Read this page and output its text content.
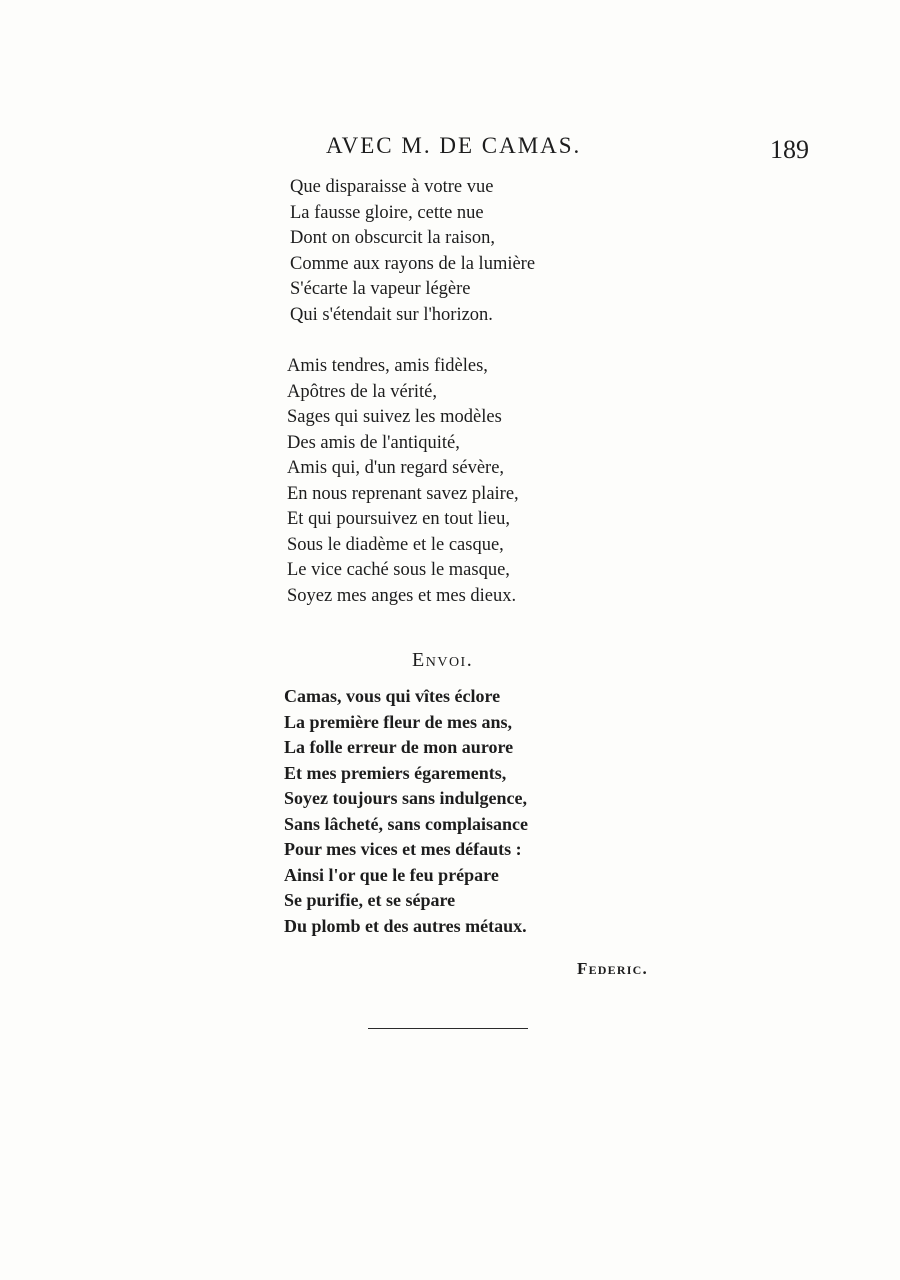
AVEC M. DE CAMAS.	189
Que disparaisse à votre vue
La fausse gloire, cette nue
Dont on obscurcit la raison,
Comme aux rayons de la lumière
S'écarte la vapeur légère
Qui s'étendait sur l'horizon.
Amis tendres, amis fidèles,
Apôtres de la vérité,
Sages qui suivez les modèles
Des amis de l'antiquité,
Amis qui, d'un regard sévère,
En nous reprenant savez plaire,
Et qui poursuivez en tout lieu,
Sous le diadème et le casque,
Le vice caché sous le masque,
Soyez mes anges et mes dieux.
Envoi.
Camas, vous qui vîtes éclore
La première fleur de mes ans,
La folle erreur de mon aurore
Et mes premiers égarements,
Soyez toujours sans indulgence,
Sans lâcheté, sans complaisance
Pour mes vices et mes défauts :
Ainsi l'or que le feu prépare
Se purifie, et se sépare
Du plomb et des autres métaux.
Federic.
